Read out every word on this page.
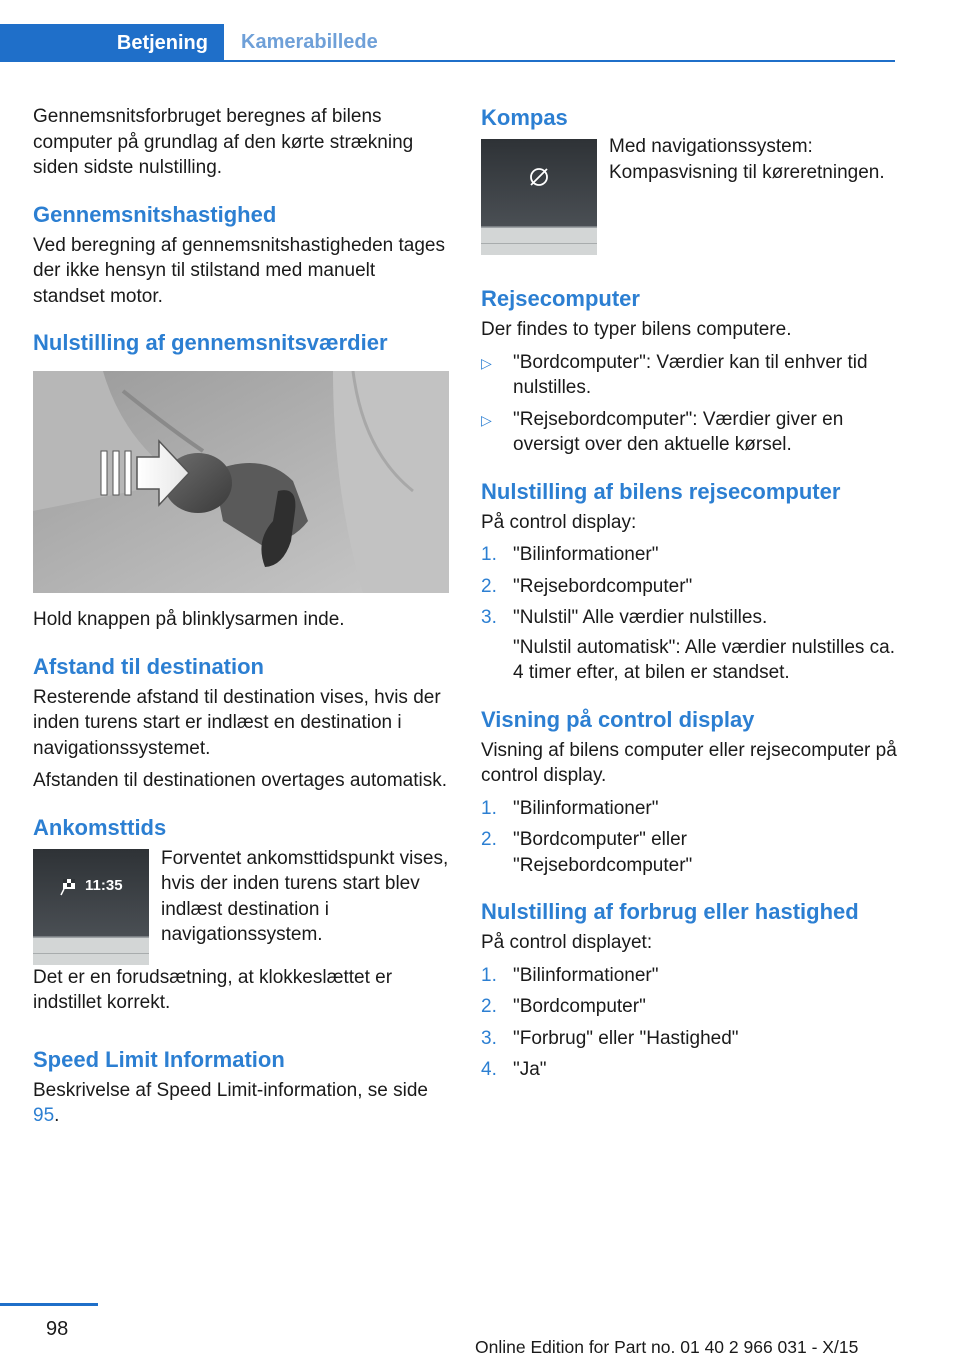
Betjening	Kamerabillede

Gennemsnitsforbruget beregnes af bilens computer på grundlag af den kørte strækning siden sidste nulstilling.

Gennemsnitshastighed

Ved beregning af gennemsnitshastigheden tages der ikke hensyn til stilstand med manuelt standset motor.

Nulstilling af gennemsnitsværdier

Hold knappen på blinklysarmen inde.

Afstand til destination

Resterende afstand til destination vises, hvis der inden turens start er indlæst en destination i navigationssystemet.

Afstanden til destinationen overtages automatisk.

Ankomsttids
11:35

Forventet ankomsttidspunkt vises, hvis der inden turens start blev indlæst destination i navigationssystem.

Det er en forudsætning, at klokkeslættet er indstillet korrekt.

Speed Limit Information

Beskrivelse af Speed Limit-information, se side 95.

Kompas

Med navigationssystem: Kompasvisning til køreretningen.

Rejsecomputer

Der findes to typer bilens computere.

▷	"Bordcomputer": Værdier kan til enhver tid nulstilles.
▷	"Rejsebordcomputer": Værdier giver en oversigt over den aktuelle kørsel.
Nulstilling af bilens rejsecomputer

På control display:

1. "Bilinformationer"
2. "Rejsebordcomputer"
3. "Nulstil" Alle værdier nulstilles.

"Nulstil automatisk": Alle værdier nulstilles ca. 4 timer efter, at bilen er standset.

Visning på control display

Visning af bilens computer eller rejsecomputer på control display.

1. "Bilinformationer"
2. "Bordcomputer" eller "Rejsebordcomputer"
Nulstilling af forbrug eller hastighed

På control displayet:

1. "Bilinformationer"
2. "Bordcomputer"
3. "Forbrug" eller "Hastighed"
4. "Ja"
98
Online Edition for Part no. 01 40 2 966 031 - X/15
